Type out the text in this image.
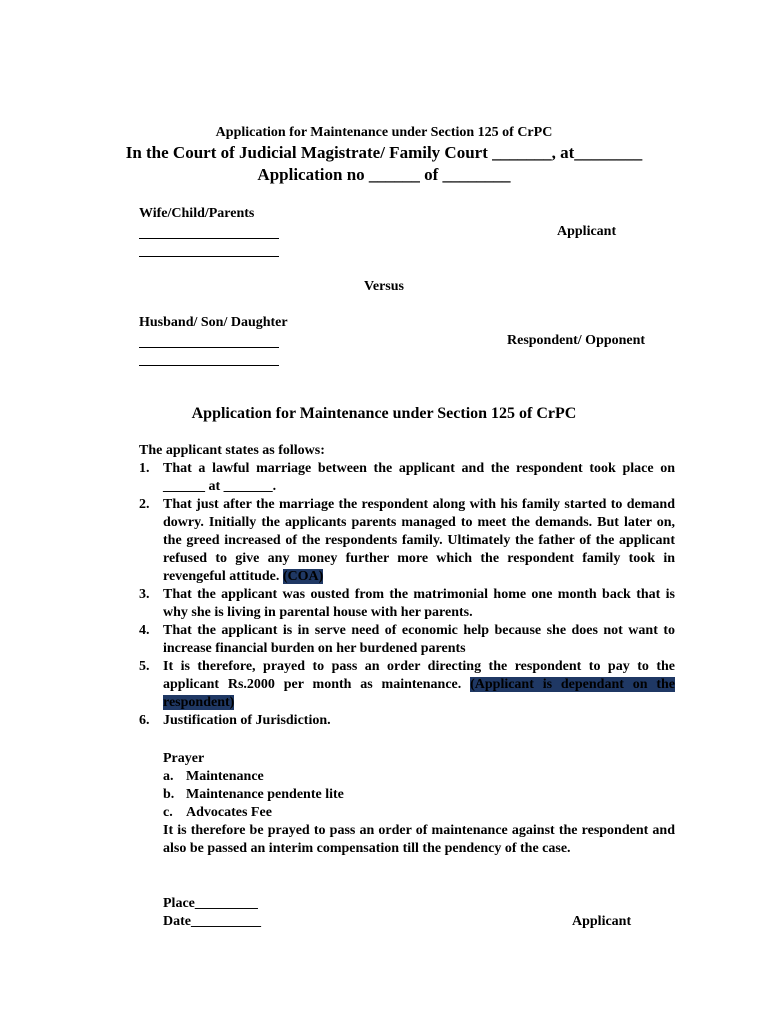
Application for Maintenance under Section 125 of CrPC
In the Court of Judicial Magistrate/ Family Court _______, at________
Application no ______ of ________
Wife/Child/Parents
Applicant
Versus
Husband/ Son/ Daughter
Respondent/ Opponent
Application for Maintenance under Section 125 of CrPC
The applicant states as follows:
1. That a lawful marriage between the applicant and the respondent took place on ______ at _______.
2. That just after the marriage the respondent along with his family started to demand dowry. Initially the applicants parents managed to meet the demands. But later on, the greed increased of the respondents family. Ultimately the father of the applicant refused to give any money further more which the respondent family took in revengeful attitude. (COA)
3. That the applicant was ousted from the matrimonial home one month back that is why she is living in parental house with her parents.
4. That the applicant is in serve need of economic help because she does not want to increase financial burden on her burdened parents
5. It is therefore, prayed to pass an order directing the respondent to pay to the applicant Rs.2000 per month as maintenance. (Applicant is dependant on the respondent)
6. Justification of Jurisdiction.
Prayer
a. Maintenance
b. Maintenance pendente lite
c. Advocates Fee
It is therefore be prayed to pass an order of maintenance against the respondent and also be passed an interim compensation till the pendency of the case.
Place_________
Date__________	Applicant
